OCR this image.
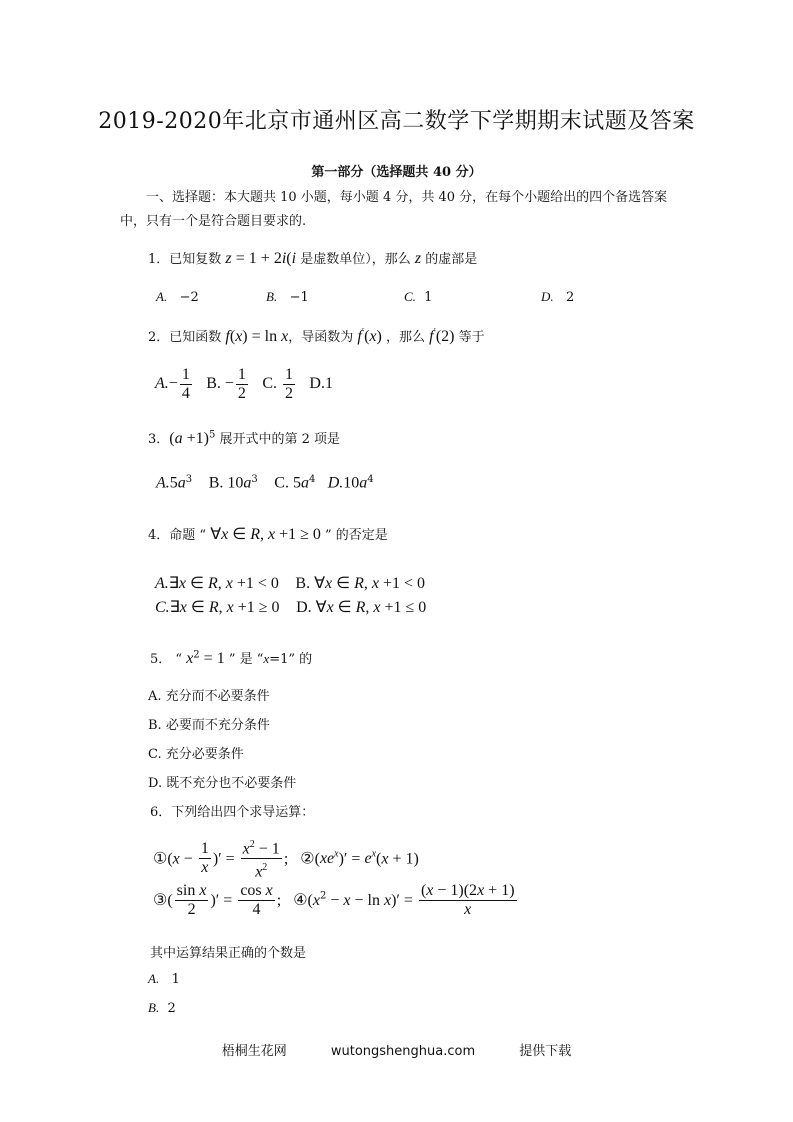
2019-2020年北京市通州区高二数学下学期期末试题及答案
第一部分（选择题共 40 分）
一、选择题：本大题共 10 小题，每小题 4 分，共 40 分，在每个小题给出的四个备选答案中，只有一个是符合题目要求的.
1．已知复数 z = 1 + 2i(i 是虚数单位），那么 z 的虚部是
A.   −2	B.   −1	C.  1	D.   2
2．已知函数 f(x) = ln x，导函数为 f′(x) ，那么 f′(2) 等于
$A.- \frac{1}{4} B$. − $\frac{1}{2} C$. $\frac{1}{2} D.1$
3．$(a +1)^5$ 展开式中的第 2 项是
$A.5a^3$ B. $10a^3$ C. $5a^4$ $D.10a^4$
4．命题 “ ∀x ∈ R, x +1 ≥ 0 ” 的否定是
A.∃x ∈ R, x +1 < 0 B. ∀x ∈ R, x +1 < 0
C.∃x ∈ R, x +1 ≥ 0 D. ∀x ∈ R, x +1 ≤ 0
5． “ $x^2 = 1$ ” 是 “x=1” 的
A. 充分而不必要条件
B. 必要而不充分条件
C. 充分必要条件
D. 既不充分也不必要条件
6．下列给出四个求导运算：
①(x − $\frac{1}{x}$ )′ = $\frac{x^2 - 1}{x^2}$ ;   $②(xe^x)' = e^x(x + 1)$
③( $\frac{\text{sin x}}{2}$ )′ = $\frac{\text{cos x}}{4}$ ;   $④(x^2 - x - \ln x)' = \frac{(x - 1)(2x + 1)}{x}$
其中运算结果正确的个数是
A.   1
B.  2
梧桐生花网	wutongshenghua.com	提供下载
